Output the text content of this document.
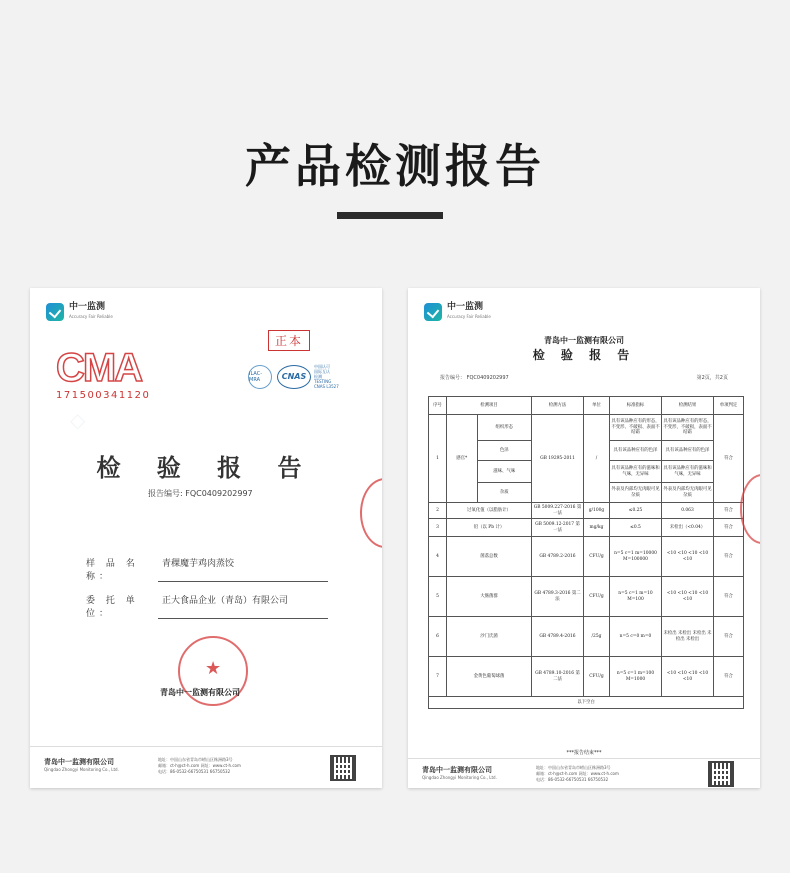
产品检测报告
◇
中一监测
Accuracy Fair Reliable
正本
CMA
171500341120
ILAC-MRA	CNAS
中国认可
国际互认
检测
TESTING
CNAS L3527
检 验 报 告
报告编号: FQC0409202997
样 品 名 称：
青稞魔芋鸡肉蒸饺
委 托 单 位：
正大食品企业（青岛）有限公司
★
青岛中一监测有限公司
青岛中一监测有限公司
Qingdao Zhongyi Monitoring Co., Ltd.
地址：中国山东省青岛市崂山区株洲路3号
邮箱：ct-h@ct-h.com 网址：www.ct-h.com
电话：86-0532-66750531 66750532
中一监测
Accuracy Fair Reliable
青岛中一监测有限公司
检 验 报 告
报告编号： FQC0409202997	第2页，共2页
序号	检测项目		检测方法	单位	标准指标	检测结果	单项判定
1	感官*	组织形态	GB 19295-2011	/	具有该品种应有的形态，不变形、不破损、表面不结霜	具有该品种应有的形态，不变形，不破损，表面不结霜	符合
		色泽			具有该品种应有的色泽	具有该品种应有的色泽	
		滋味、气味			具有该品种应有的滋味和气味，无异味	具有该品种应有的滋味和气味，无异味	
		杂质			外表及内部均无肉眼可见杂质	外表及内部均无肉眼可见杂质	
2	过氧化值（以脂肪计）		GB 5009.227-2016 第一法	g/100g	≤0.25	0.063	符合
3	铅（以 Pb 计）		GB 5009.12-2017 第一法	mg/kg	≤0.5	未检出（<0.04）	符合
4	菌落总数		GB 4789.2-2016	CFU/g	n=5 c=1 m=10000 M=100000	<10 <10 <10 <10 <10	符合
5	大肠菌群		GB 4789.3-2016 第二法	CFU/g	n=5 c=1 m=10 M=100	<10 <10 <10 <10 <10	符合
6	沙门氏菌		GB 4789.4-2016	/25g	n=5 c=0 m=0	未检出 未检出 未检出 未检出 未检出	符合
7	金黄色葡萄球菌		GB 4789.10-2016 第二法	CFU/g	n=5 c=1 m=100 M=1000	<10 <10 <10 <10 <10	符合
以下空白							
***报告结束***
青岛中一监测有限公司
Qingdao Zhongyi Monitoring Co., Ltd.
地址：中国山东省青岛市崂山区株洲路3号
邮箱：ct-h@ct-h.com 网址：www.ct-h.com
电话：86-0532-66750531 66750532
